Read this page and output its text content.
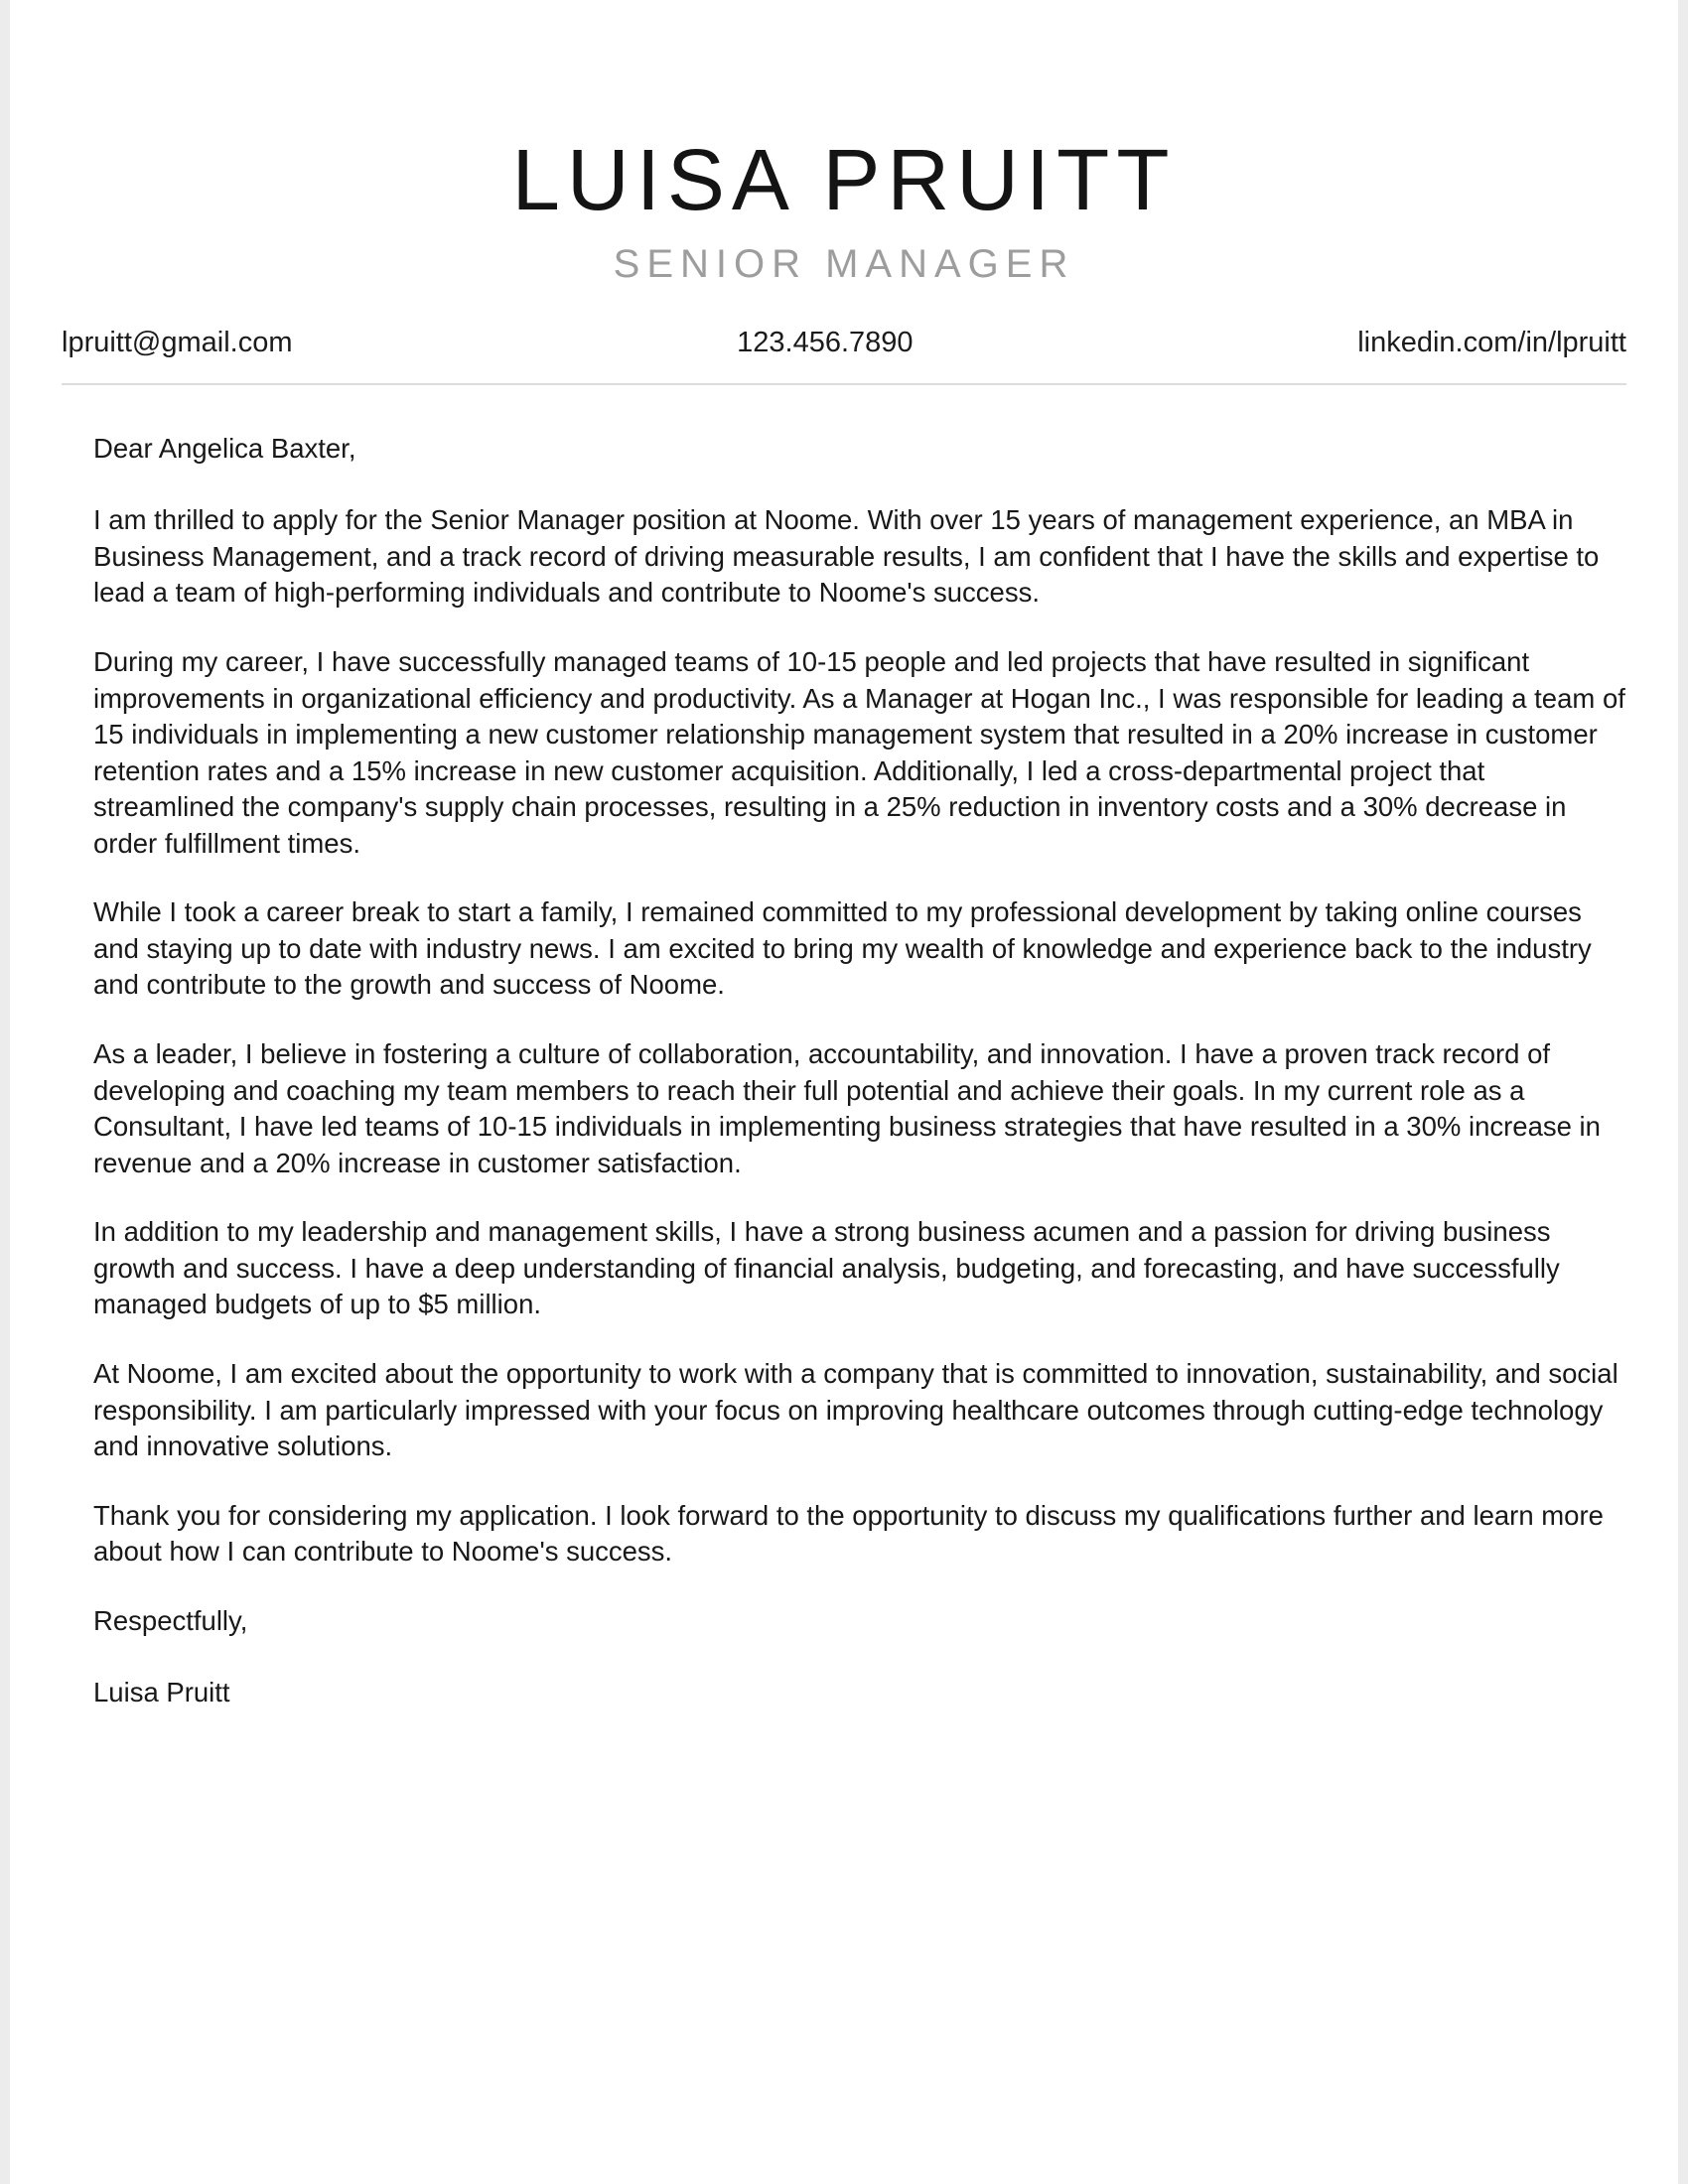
LUISA PRUITT
SENIOR MANAGER
lpruitt@gmail.com	123.456.7890	linkedin.com/in/lpruitt

Dear Angelica Baxter,

I am thrilled to apply for the Senior Manager position at Noome. With over 15 years of management experience, an MBA in Business Management, and a track record of driving measurable results, I am confident that I have the skills and expertise to lead a team of high-performing individuals and contribute to Noome's success.

During my career, I have successfully managed teams of 10-15 people and led projects that have resulted in significant improvements in organizational efficiency and productivity. As a Manager at Hogan Inc., I was responsible for leading a team of 15 individuals in implementing a new customer relationship management system that resulted in a 20% increase in customer retention rates and a 15% increase in new customer acquisition. Additionally, I led a cross-departmental project that streamlined the company's supply chain processes, resulting in a 25% reduction in inventory costs and a 30% decrease in order fulfillment times.

While I took a career break to start a family, I remained committed to my professional development by taking online courses and staying up to date with industry news. I am excited to bring my wealth of knowledge and experience back to the industry and contribute to the growth and success of Noome.

As a leader, I believe in fostering a culture of collaboration, accountability, and innovation. I have a proven track record of developing and coaching my team members to reach their full potential and achieve their goals. In my current role as a Consultant, I have led teams of 10-15 individuals in implementing business strategies that have resulted in a 30% increase in revenue and a 20% increase in customer satisfaction.

In addition to my leadership and management skills, I have a strong business acumen and a passion for driving business growth and success. I have a deep understanding of financial analysis, budgeting, and forecasting, and have successfully managed budgets of up to $5 million.

At Noome, I am excited about the opportunity to work with a company that is committed to innovation, sustainability, and social responsibility. I am particularly impressed with your focus on improving healthcare outcomes through cutting-edge technology and innovative solutions.

Thank you for considering my application. I look forward to the opportunity to discuss my qualifications further and learn more about how I can contribute to Noome's success.

Respectfully,

Luisa Pruitt
